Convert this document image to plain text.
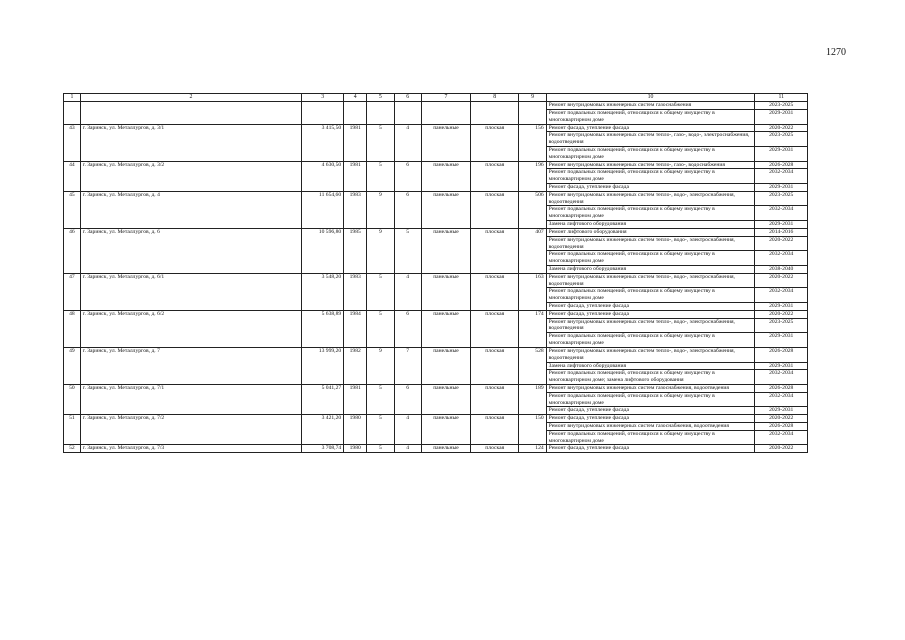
1270
1	2	3	4	5	6	7	8	9	10	11
									Ремонт внутридомовых инженерных систем газоснабжения	2023-2025
									Ремонт подвальных помещений, относящихся к общему имуществу в многоквартирном доме	2029-2031
43	г. Заринск, ул. Металлургов, д. 3/1	3 415,50	1981	5	4	панельные	плоская	156	Ремонт фасада, утепление фасада	2020-2022
									Ремонт внутридомовых инженерных систем тепло-, газо-, водо-, электроснабжения, водоотведения	2023-2025
									Ремонт подвальных помещений, относящихся к общему имуществу в многоквартирном доме	2029-2031
44	г. Заринск, ул. Металлургов, д. 3/2	4 630,50	1981	5	6	панельные	плоская	196	Ремонт внутридомовых инженерных систем тепло-, газо-, водоснабжения	2026-2028
									Ремонт подвальных помещений, относящихся к общему имуществу в многоквартирном доме	2032-2034
									Ремонт фасада, утепление фасада	2029-2031
45	г. Заринск, ул. Металлургов, д. 4	11 654,60	1983	9	6	панельные	плоская	506	Ремонт внутридомовых инженерных систем тепло-, водо-, электроснабжения, водоотведения	2023-2025
									Ремонт подвальных помещений, относящихся к общему имуществу в многоквартирном доме	2032-2034
									Замена лифтового оборудования	2029-2031
46	г. Заринск, ул. Металлургов, д. 6	10 596,80	1985	9	5	панельные	плоская	407	Ремонт лифтового оборудования	2014-2016
									Ремонт внутридомовых инженерных систем тепло-, водо-, электроснабжения, водоотведения	2020-2022
									Ремонт подвальных помещений, относящихся к общему имуществу в многоквартирном доме	2032-2034
									Замена лифтового оборудования	2038-2040
47	г. Заринск, ул. Металлургов, д. 6/1	3 548,20	1983	5	4	панельные	плоская	163	Ремонт внутридомовых инженерных систем тепло-, водо-, электроснабжения, водоотведения	2020-2022
									Ремонт подвальных помещений, относящихся к общему имуществу в многоквартирном доме	2032-2034
									Ремонт фасада, утепление фасада	2029-2031
48	г. Заринск, ул. Металлургов, д. 6/2	5 638,89	1984	5	6	панельные	плоская	174	Ремонт фасада, утепление фасада	2020-2022
									Ремонт внутридомовых инженерных систем тепло-, водо-, электроснабжения, водоотведения	2023-2025
									Ремонт подвальных помещений, относящихся к общему имуществу в многоквартирном доме	2029-2031
49	г. Заринск, ул. Металлургов, д. 7	13 999,20	1982	9	7	панельные	плоская	528	Ремонт внутридомовых инженерных систем тепло-, водо-, электроснабжения, водоотведения	2026-2028
									Замена лифтового оборудования	2029-2031
									Ремонт подвальных помещений, относящихся к общему имуществу в многоквартирном доме; замена лифтового оборудования	2032-2034
50	г. Заринск, ул. Металлургов, д. 7/1	5 041,27	1981	5	6	панельные	плоская	189	Ремонт внутридомовых инженерных систем газоснабжения, водоотведения	2026-2028
									Ремонт подвальных помещений, относящихся к общему имуществу в многоквартирном доме	2032-2034
									Ремонт фасада, утепление фасада	2029-2031
51	г. Заринск, ул. Металлургов, д. 7/2	3 421,20	1980	5	4	панельные	плоская	150	Ремонт фасада, утепление фасада	2020-2022
									Ремонт внутридомовых инженерных систем газоснабжения, водоотведения	2026-2028
									Ремонт подвальных помещений, относящихся к общему имуществу в многоквартирном доме	2032-2034
52	г. Заринск, ул. Металлургов, д. 7/3	3 708,74	1980	5	4	панельные	плоская	124	Ремонт фасада, утепление фасада	2020-2022
